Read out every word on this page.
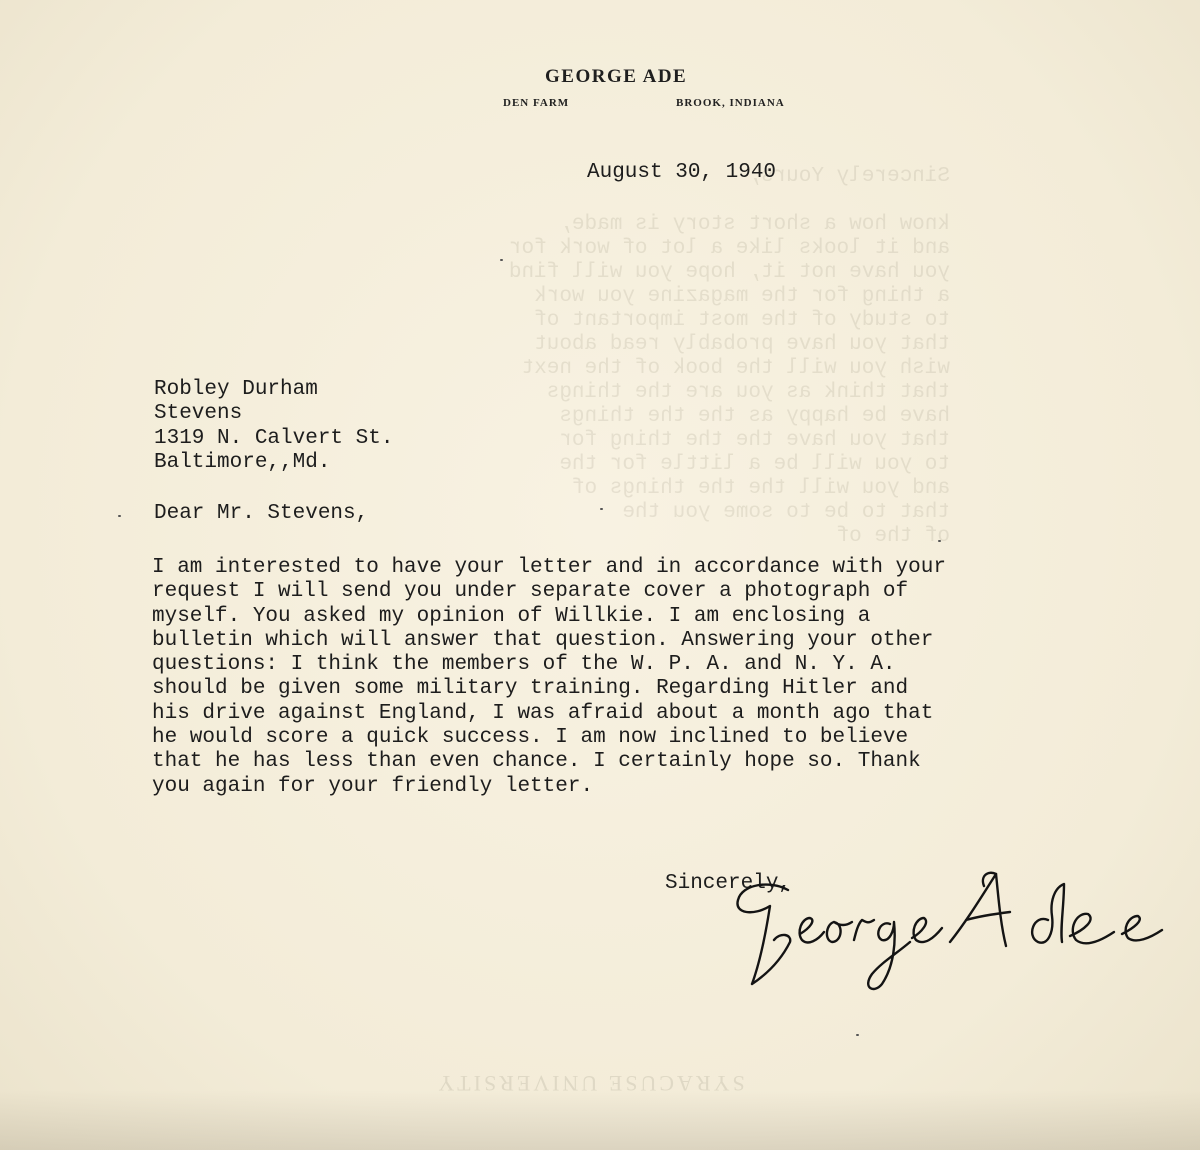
GEORGE ADE
DEN FARM	BROOK, INDIANA
August 30, 1940
Robley Durham
Stevens
1319 N. Calvert St.
Baltimore,,Md.
Dear Mr. Stevens,
I am interested to have your letter and in accordance with your
request I will send you under separate cover a photograph of
myself. You asked my opinion of Willkie. I am enclosing a
bulletin which will answer that question. Answering your other
questions: I think the members of the W. P. A. and N. Y. A.
should be given some military training. Regarding Hitler and
his drive against England, I was afraid about a month ago that
he would score a quick success. I am now inclined to believe
that he has less than even chance. I certainly hope so. Thank
you again for your friendly letter.
Sincerely,
